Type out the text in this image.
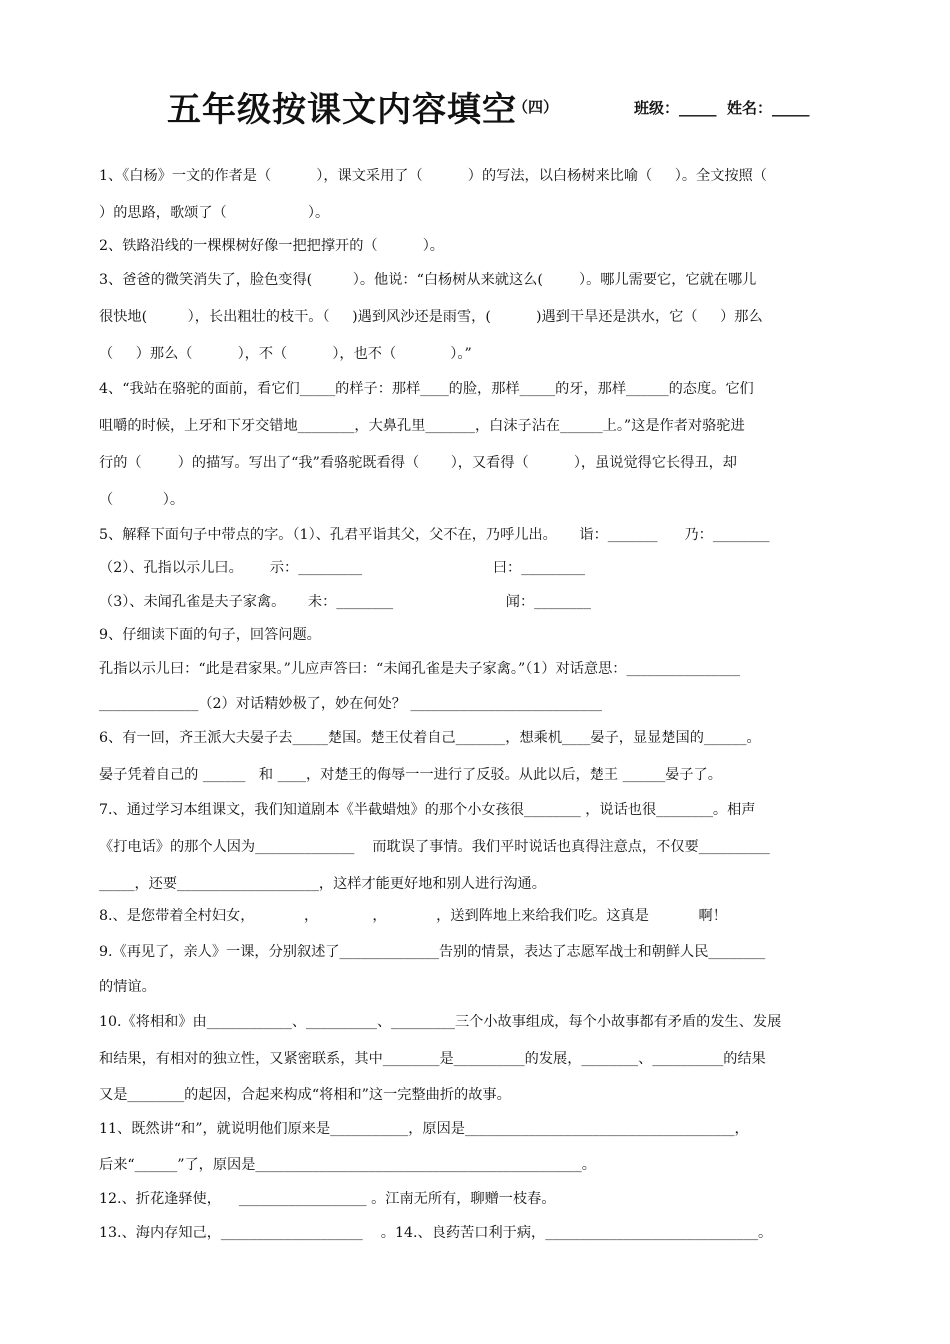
五年级按课文内容填空
（四）	班级：_____  姓名：_____
1、《白杨》一文的作者是（          ），课文采用了（          ）的写法，以白杨树来比喻（     ）。全文按照（
）的思路，歌颂了（                  ）。
2、铁路沿线的一棵棵树好像一把把撑开的（          ）。
3、爸爸的微笑消失了，脸色变得(         ）。他说：“白杨树从来就这么(        ）。哪儿需要它，它就在哪儿
很快地(         ），长出粗壮的枝干。（     )遇到风沙还是雨雪，(          )遇到干旱还是洪水，它（     ）那么
（     ）那么（          ），不（          ），也不（            ）。”
4、“我站在骆驼的面前，看它们_____的样子：那样____的脸，那样_____的牙，那样______的态度。它们
咀嚼的时候，上牙和下牙交错地________，大鼻孔里_______，白沫子沾在______上。”这是作者对骆驼进
行的（        ）的描写。写出了“我”看骆驼既看得（       ），又看得（          ），虽说觉得它长得丑，却
（           ）。
5、解释下面句子中带点的字。（1）、孔君平诣其父，父不在，乃呼儿出。     诣：_______      乃：________
（2）、孔指以示儿曰。      示：_________                             曰：_________
（3）、未闻孔雀是夫子家禽。     未：________                         闻：________
9、仔细读下面的句子，回答问题。
孔指以示儿曰：“此是君家果。”儿应声答曰：“未闻孔雀是夫子家禽。”（1）对话意思：________________
______________（2）对话精妙极了，妙在何处？ ___________________________
6、有一回，齐王派大夫晏子去_____楚国。楚王仗着自己_______，想乘机____晏子，显显楚国的______。
晏子凭着自己的 ______   和 ____，对楚王的侮辱一一进行了反驳。从此以后，楚王 ______晏子了。
7.、通过学习本组课文，我们知道剧本《半截蜡烛》的那个小女孩很________ ，说话也很________。相声
《打电话》的那个人因为______________    而耽误了事情。我们平时说话也真得注意点，不仅要__________
_____，还要____________________，这样才能更好地和别人进行沟通。
8.、是您带着全村妇女，           ，            ，           ，送到阵地上来给我们吃。这真是           啊！
9.《再见了，亲人》一课，分别叙述了______________告别的情景，表达了志愿军战士和朝鲜人民________
的情谊。
10.《将相和》由____________、__________、_________三个小故事组成，每个小故事都有矛盾的发生、发展
和结果，有相对的独立性，又紧密联系，其中________是__________的发展，________、__________的结果
又是________的起因，合起来构成“将相和”这一完整曲折的故事。
11、既然讲“和”，就说明他们原来是___________，原因是______________________________________，
后来“______”了，原因是______________________________________________。
12.、折花逢驿使，    __________________ 。江南无所有，聊赠一枝春。
13.、海内存知己，____________________    。14.、良药苦口利于病，______________________________。
